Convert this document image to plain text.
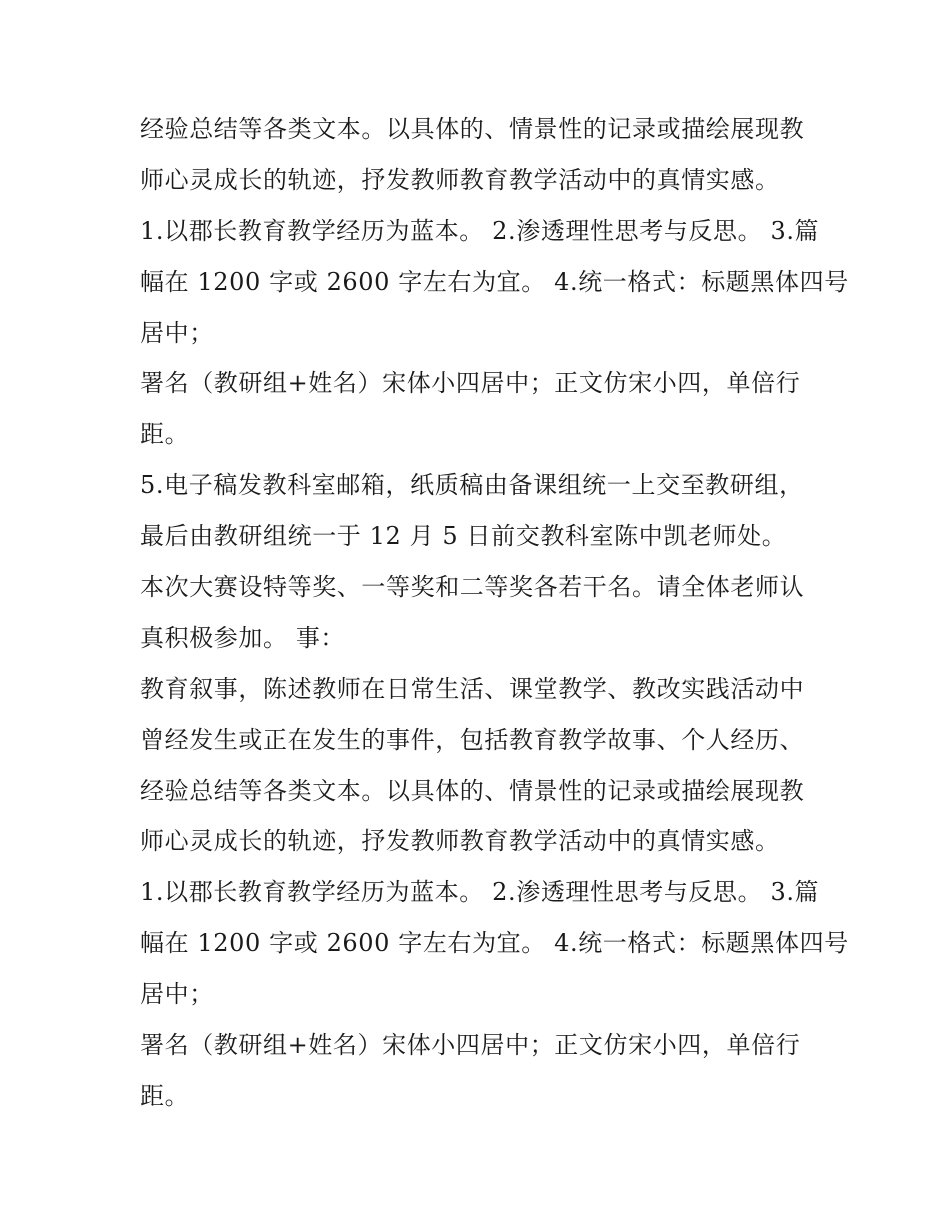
经验总结等各类文本。以具体的、情景性的记录或描绘展现教
师心灵成长的轨迹，抒发教师教育教学活动中的真情实感。
1.以郡长教育教学经历为蓝本。 2.渗透理性思考与反思。 3.篇
幅在 1200 字或 2600 字左右为宜。 4.统一格式：标题黑体四号
居中；
署名（教研组+姓名）宋体小四居中；正文仿宋小四，单倍行
距。
5.电子稿发教科室邮箱，纸质稿由备课组统一上交至教研组，
最后由教研组统一于 12 月 5 日前交教科室陈中凯老师处。
本次大赛设特等奖、一等奖和二等奖各若干名。请全体老师认
真积极参加。 事：
教育叙事，陈述教师在日常生活、课堂教学、教改实践活动中
曾经发生或正在发生的事件，包括教育教学故事、个人经历、
经验总结等各类文本。以具体的、情景性的记录或描绘展现教
师心灵成长的轨迹，抒发教师教育教学活动中的真情实感。
1.以郡长教育教学经历为蓝本。 2.渗透理性思考与反思。 3.篇
幅在 1200 字或 2600 字左右为宜。 4.统一格式：标题黑体四号
居中；
署名（教研组+姓名）宋体小四居中；正文仿宋小四，单倍行
距。
